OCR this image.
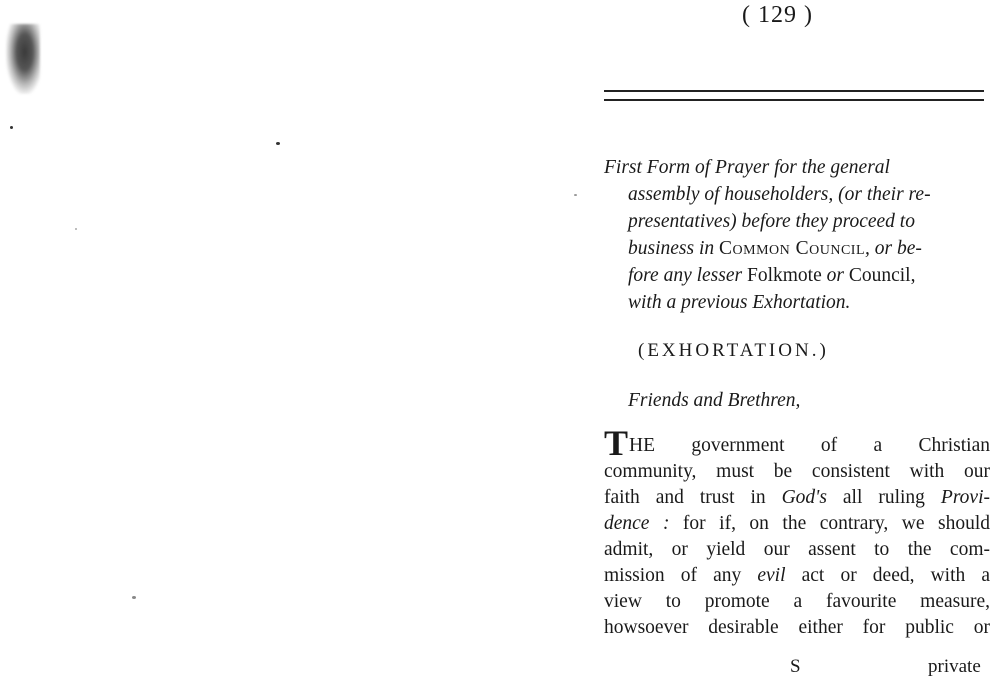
( 129 )
First Form of Prayer for the general
assembly of householders, (or their re-
presentatives) before they proceed to
business in Common Council, or be-
fore any lesser Folkmote or Council,
with a previous Exhortation.
(EXHORTATION.)
Friends and Brethren,
THE government of a Christian
community, must be consistent with our
faith and trust in God's all ruling Provi-
dence : for if, on the contrary, we should
admit, or yield our assent to the com-
mission of any evil act or deed, with a
view to promote a favourite measure,
howsoever desirable either for public or
S	private
